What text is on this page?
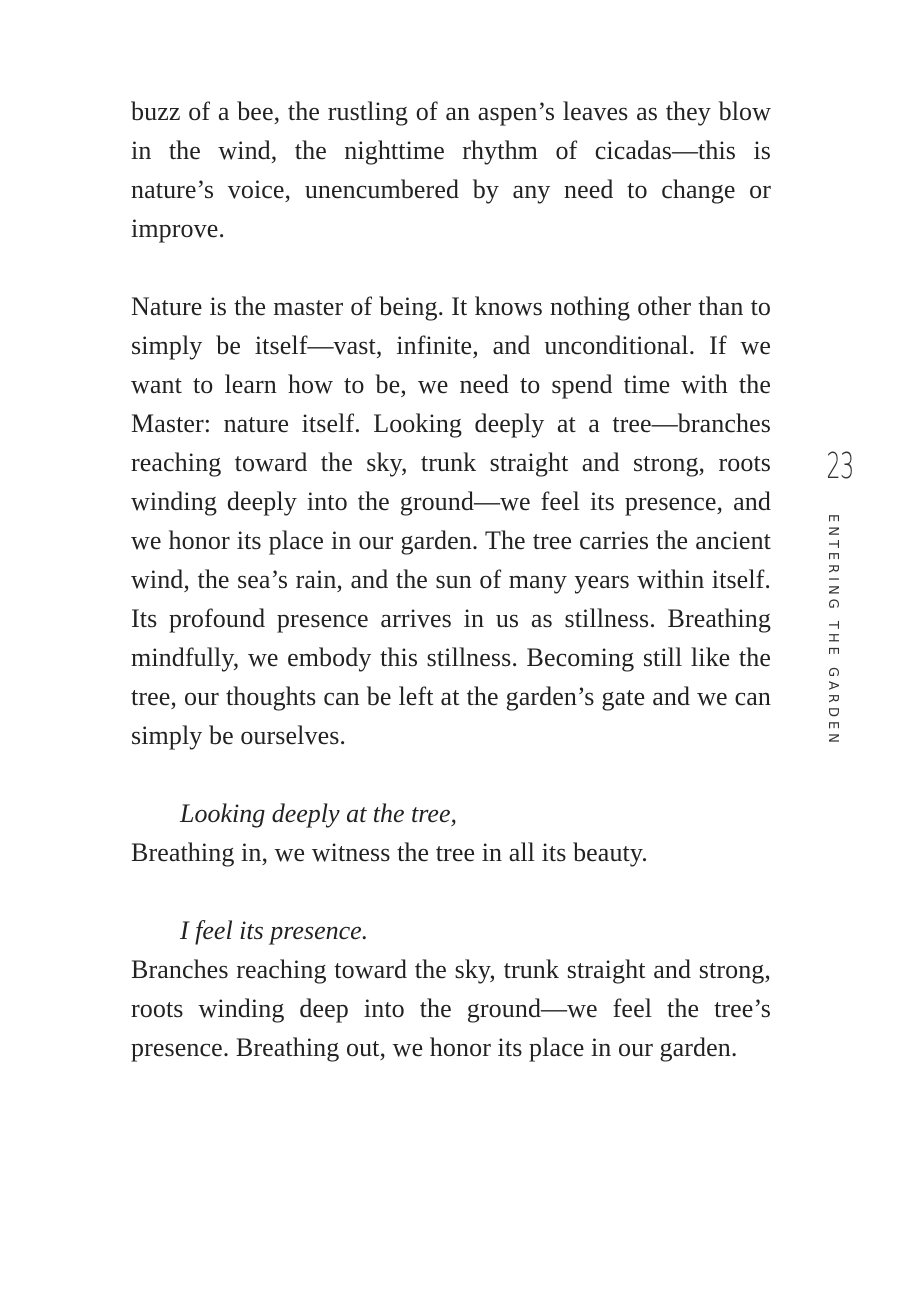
buzz of a bee, the rustling of an aspen’s leaves as they blow in the wind, the nighttime rhythm of cicadas—this is nature’s voice, unencumbered by any need to change or improve.

Nature is the master of being. It knows nothing other than to simply be itself—vast, infinite, and unconditional. If we want to learn how to be, we need to spend time with the Master: nature itself. Looking deeply at a tree—branches reaching toward the sky, trunk straight and strong, roots winding deeply into the ground—we feel its presence, and we honor its place in our garden. The tree carries the ancient wind, the sea’s rain, and the sun of many years within itself. Its profound presence arrives in us as stillness. Breathing mindfully, we embody this stillness. Becoming still like the tree, our thoughts can be left at the garden’s gate and we can simply be ourselves.

Looking deeply at the tree,

Breathing in, we witness the tree in all its beauty.

I feel its presence.

Branches reaching toward the sky, trunk straight and strong, roots winding deep into the ground—we feel the tree’s presence. Breathing out, we honor its place in our garden.

23
ENTERING THE GARDEN
